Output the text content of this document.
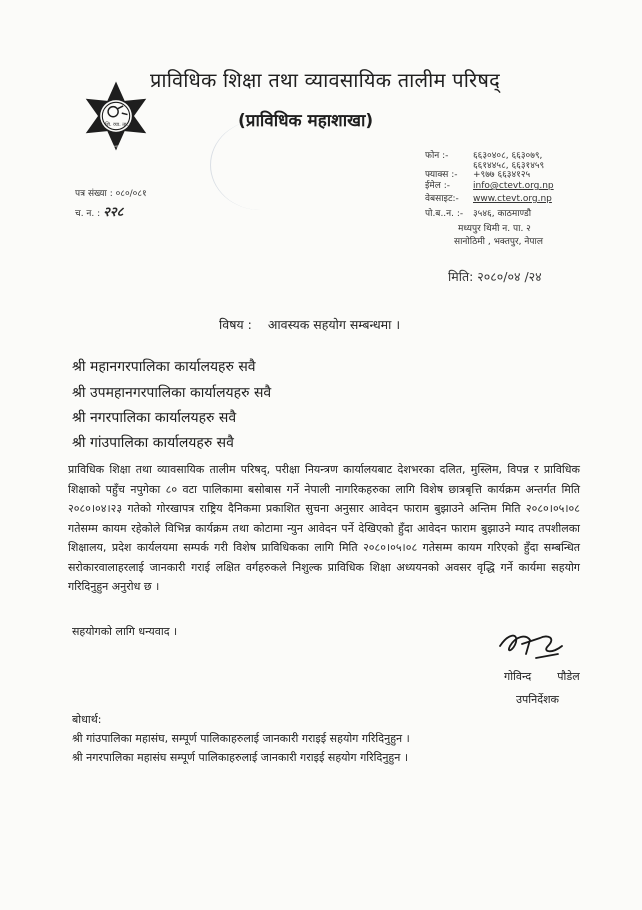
ता. शि. व्या. ता. प.
२०४६
प्राविधिक शिक्षा तथा व्यावसायिक तालीम परिषद्
(प्राविधिक महाशाखा)
फोन :-	६६३०४०८, ६६३०७९,
६६१४४५८, ६६३१४५९
फ्याक्स :- +९७७ ६६३४१२५
ईमेल :-	info@ctevt.org.np
वेबसाइट:- www.ctevt.org.np
पो.ब..न. :- ३५४६, काठमाण्डौ
मध्यपुर थिमी न. पा. २
सानोठिमी , भक्तपुर, नेपाल
पत्र संख्या : ०८०/०८१
च. न. : २२८
मिति: २०८०/०४ /२४
विषय : आवस्यक सहयोग सम्बन्धमा ।
श्री महानगरपालिका कार्यालयहरु सवै
श्री उपमहानगरपालिका कार्यालयहरु सवै
श्री नगरपालिका कार्यालयहरु सवै
श्री गांउपालिका कार्यालयहरु सवै
प्राविधिक शिक्षा तथा व्यावसायिक तालीम परिषद्, परीक्षा नियन्त्रण कार्यालयबाट देशभरका दलित, मुस्लिम, विपन्न र प्राविधिक शिक्षाको पहुँच नपुगेका ८० वटा पालिकामा बसोबास गर्ने नेपाली नागरिकहरुका लागि विशेष छात्रबृत्ति कार्यक्रम अन्तर्गत मिति २०८०।०४।२३ गतेको गोरखापत्र राष्ट्रिय दैनिकमा प्रकाशित सुचना अनुसार आवेदन फाराम बुझाउने अन्तिम मिति २०८०।०५।०८ गतेसम्म कायम रहेकोले विभिन्न कार्यक्रम तथा कोटामा न्युन आवेदन पर्ने देखिएको हुँदा आवेदन फाराम बुझाउने म्याद तपशीलका शिक्षालय, प्रदेश कार्यलयमा सम्पर्क गरी विशेष प्राविधिकका लागि मिति २०८०।०५।०८ गतेसम्म कायम गरिएको हुँदा सम्बन्धित सरोकारवालाहरलाई जानकारी गराई लक्षित वर्गहरुकले निशुल्क प्राविधिक शिक्षा अध्ययनको अवसर वृद्धि गर्ने कार्यमा सहयोग गरिदिनुहुन अनुरोध छ ।
सहयोगको लागि धन्यवाद ।
गोविन्द पौडेल
उपनिर्देशक
बोधार्थ:
श्री गांउपालिका महासंघ, सम्पूर्ण पालिकाहरुलाई जानकारी गराइई सहयोग गरिदिनुहुन ।
श्री नगरपालिका महासंघ सम्पूर्ण पालिकाहरुलाई जानकारी गराइई सहयोग गरिदिनुहुन ।
